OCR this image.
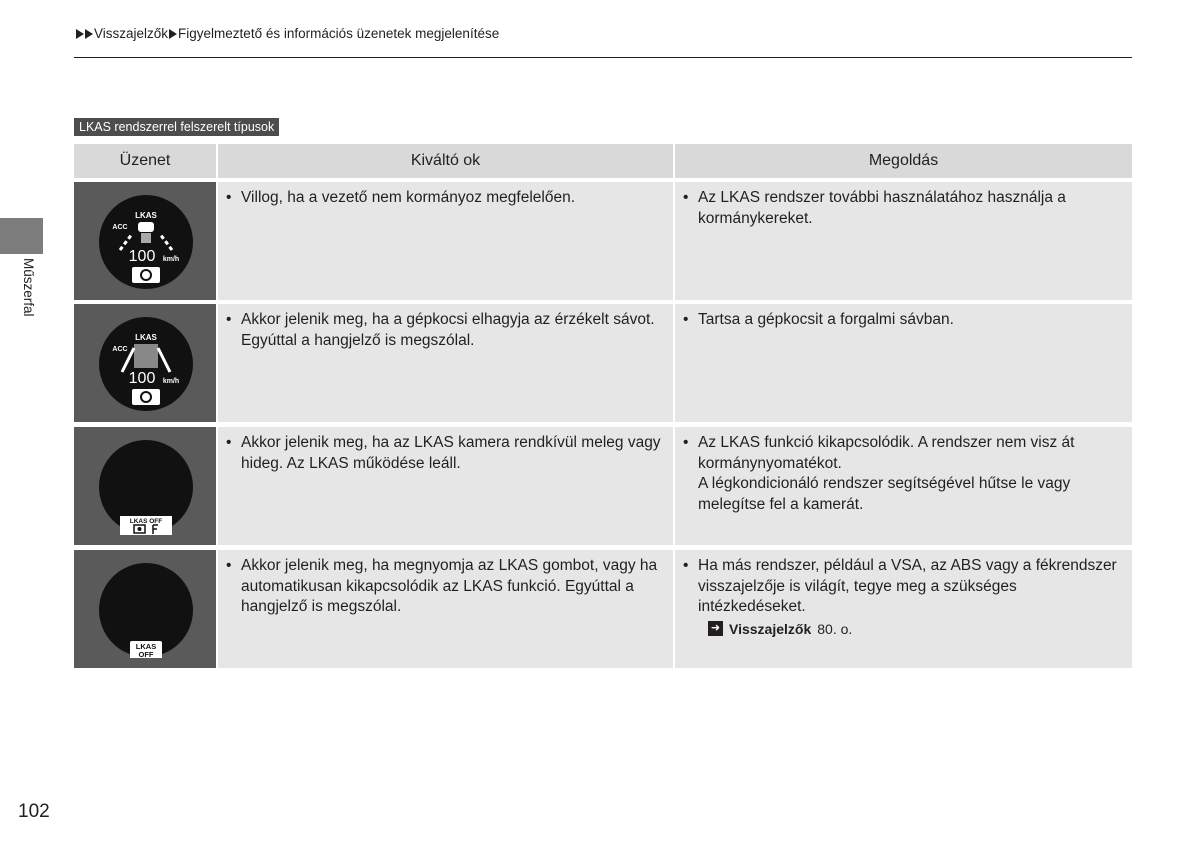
Visszajelzők Figyelmeztető és információs üzenetek megjelenítése
Műszerfal
LKAS rendszerrel felszerelt típusok
Üzenet	Kiváltó ok	Megoldás
LKAS
ACC
100 km/h
• Villog, ha a vezető nem kormányoz megfelelően.
•	Az LKAS rendszer további használatához használja a kormánykereket.
LKAS
ACC
100 km/h
• Akkor jelenik meg, ha a gépkocsi elhagyja az érzékelt sávot. Egyúttal a hangjelző is megszólal.
• Tartsa a gépkocsit a forgalmi sávban.
LKAS OFF
• Akkor jelenik meg, ha az LKAS kamera rendkívül meleg vagy hideg. Az LKAS működése leáll.
• Az LKAS funkció kikapcsolódik. A rendszer nem visz át kormánynyomatékot.
A légkondicionáló rendszer segítségével hűtse le vagy melegítse fel a kamerát.
LKAS
OFF
• Akkor jelenik meg, ha megnyomja az LKAS gombot, vagy ha automatikusan kikapcsolódik az LKAS funkció. Egyúttal a hangjelző is megszólal.
• Ha más rendszer, például a VSA, az ABS vagy a fékrendszer visszajelzője is világít, tegye meg a szükséges intézkedéseket.
➜ Visszajelzők 80. o.
102
